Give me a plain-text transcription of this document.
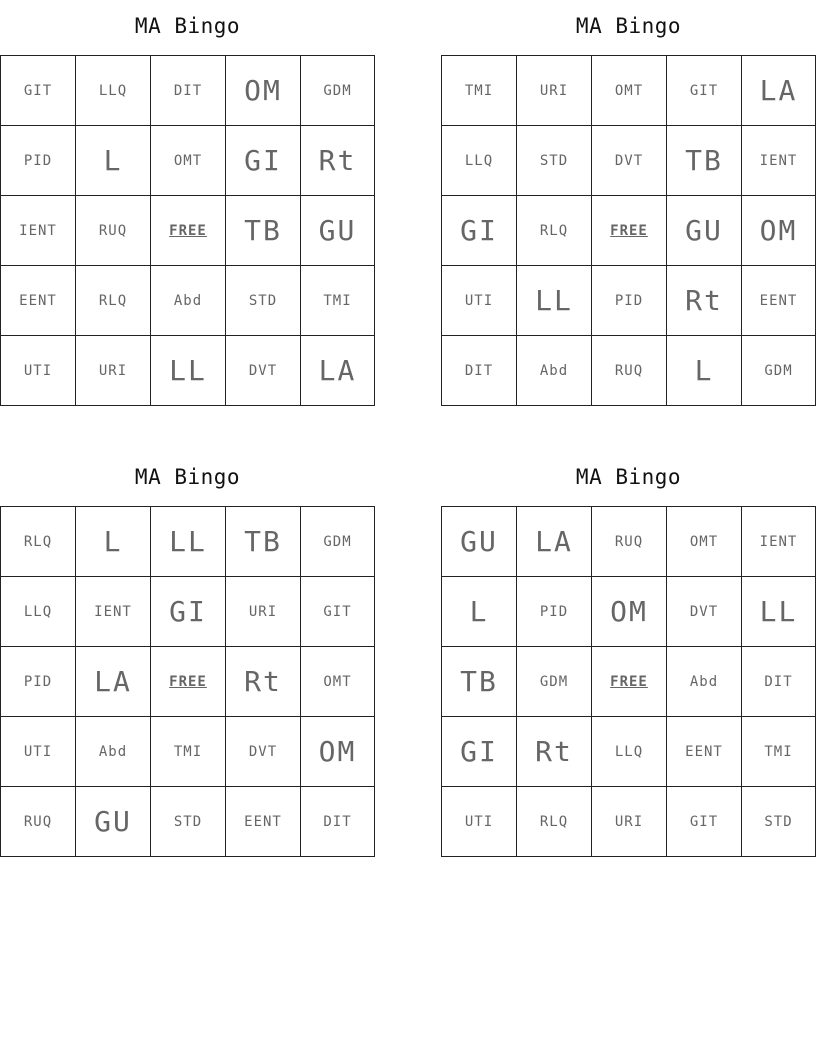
MA Bingo
GIT	LLQ	DIT	OM	GDM
PID	L	OMT	GI	Rt
IENT	RUQ	FREE	TB	GU
EENT	RLQ	Abd	STD	TMI
UTI	URI	LL	DVT	LA
MA Bingo
TMI	URI	OMT	GIT	LA
LLQ	STD	DVT	TB	IENT
GI	RLQ	FREE	GU	OM
UTI	LL	PID	Rt	EENT
DIT	Abd	RUQ	L	GDM
MA Bingo
RLQ	L	LL	TB	GDM
LLQ	IENT	GI	URI	GIT
PID	LA	FREE	Rt	OMT
UTI	Abd	TMI	DVT	OM
RUQ	GU	STD	EENT	DIT
MA Bingo
GU	LA	RUQ	OMT	IENT
L	PID	OM	DVT	LL
TB	GDM	FREE	Abd	DIT
GI	Rt	LLQ	EENT	TMI
UTI	RLQ	URI	GIT	STD
